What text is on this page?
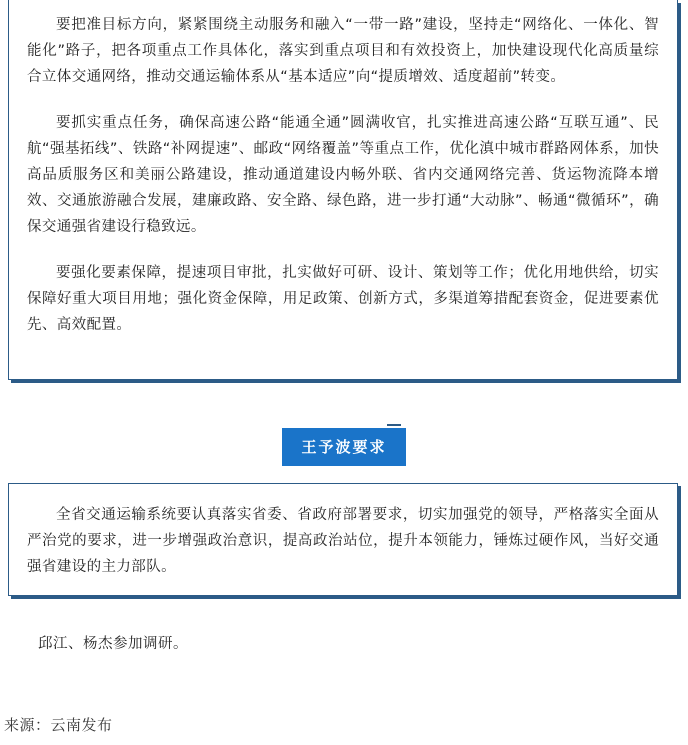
要把准目标方向，紧紧围绕主动服务和融入“一带一路”建设，坚持走“网络化、一体化、智能化”路子，把各项重点工作具体化，落实到重点项目和有效投资上，加快建设现代化高质量综合立体交通网络，推动交通运输体系从“基本适应”向“提质增效、适度超前”转变。

要抓实重点任务，确保高速公路“能通全通”圆满收官，扎实推进高速公路“互联互通”、民航“强基拓线”、铁路“补网提速”、邮政“网络覆盖”等重点工作，优化滇中城市群路网体系，加快高品质服务区和美丽公路建设，推动通道建设内畅外联、省内交通网络完善、货运物流降本增效、交通旅游融合发展，建廉政路、安全路、绿色路，进一步打通“大动脉”、畅通“微循环”，确保交通强省建设行稳致远。

要强化要素保障，提速项目审批，扎实做好可研、设计、策划等工作；优化用地供给，切实保障好重大项目用地；强化资金保障，用足政策、创新方式，多渠道筹措配套资金，促进要素优先、高效配置。

王予波要求

全省交通运输系统要认真落实省委、省政府部署要求，切实加强党的领导，严格落实全面从严治党的要求，进一步增强政治意识，提高政治站位，提升本领能力，锤炼过硬作风，当好交通强省建设的主力部队。

邱江、杨杰参加调研。

来源：云南发布
